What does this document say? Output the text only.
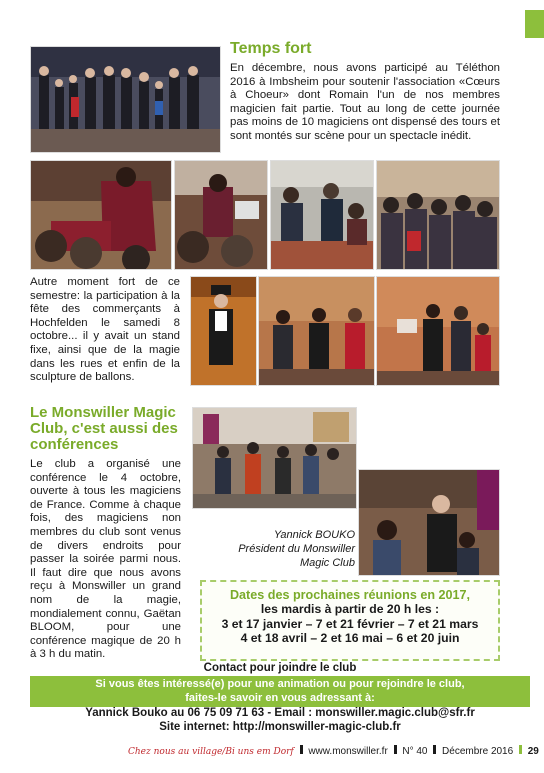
Temps fort
En décembre, nous avons participé au Téléthon 2016 à Imbsheim pour soutenir l'association «Cœurs à Choeur» dont Romain l'un de nos membres magicien fait partie. Tout au long de cette journée pas moins de 10 magiciens ont dispensé des tours et sont montés sur scène pour un spectacle inédit.
Autre moment fort de ce semestre: la participation à la fête des commerçants à Hochfelden le samedi 8 octobre... il y avait un stand fixe, ainsi que de la magie dans les rues et enfin de la sculpture de ballons.
Le Monswiller Magic Club, c'est aussi des conférences
Le club a organisé une conférence le 4 octobre, ouverte à tous les magiciens de France. Comme à chaque fois, des magiciens non membres du club sont venus de divers endroits pour passer la soirée parmi nous. Il faut dire que nous avons reçu à Monswiller un grand nom de la magie, mondialement connu, Gaëtan BLOOM, pour une conférence magique de 20 h à 3 h du matin.
Yannick BOUKO
Président du Monswiller
Magic Club
Dates des prochaines réunions en 2017,
les mardis à partir de 20 h les :
3 et 17 janvier – 7 et 21 février – 7 et 21 mars
4 et 18 avril – 2 et 16 mai – 6 et 20 juin
Contact pour joindre le club
Si vous êtes intéressé(e) pour une animation ou pour rejoindre le club,
faites-le savoir en vous adressant à:
Yannick Bouko au 06 75 09 71 63 - Email : monswiller.magic.club@sfr.fr
Site internet: http://monswiller-magic-club.fr
Chez nous au village/Bi uns em Dorf www.monswiller.fr N° 40 Décembre 2016 29
